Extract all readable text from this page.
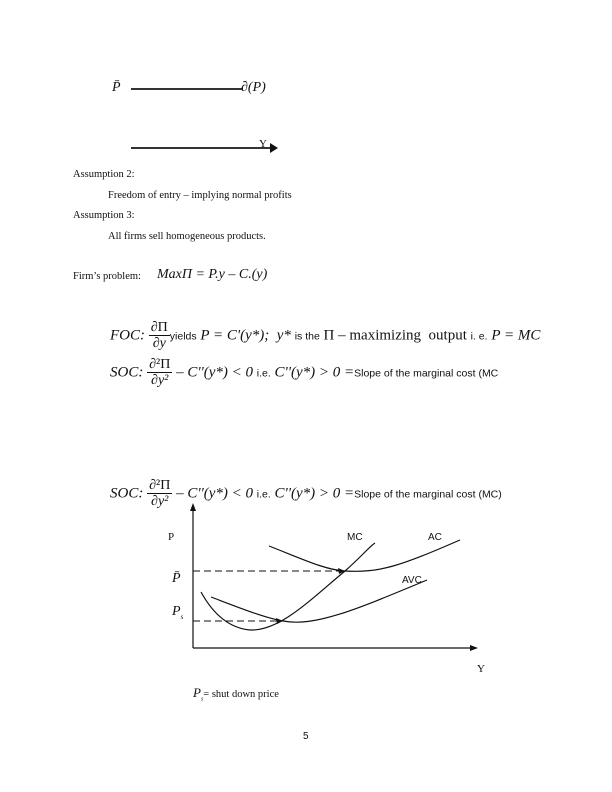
P̄	∂(P)
Y
Assumption 2:
Freedom of entry – implying normal profits
Assumption 3:
All firms sell homogeneous products.
Firm’s problem: MaxΠ = P.y – C.(y)
FOC: $\frac{\partial\Pi}{\partial y}$ yields P = C'(y*); y* is the Π – maximizing output i. e. P = MC
SOC: $\frac{\text{∂²Π}}{\text{∂y²}} - C''(y*) < 0$ i.e. C''(y*) > 0 =Slope of the marginal cost (MC
SOC: $\frac{\text{∂²Π}}{\text{∂y²}} - C''(y*) < 0$ i.e. C''(y*) > 0 =Slope of the marginal cost (MC)
P
P̄
$P_s$
MC	AC
AVC
Y
$P_s=$ shut down price
5
